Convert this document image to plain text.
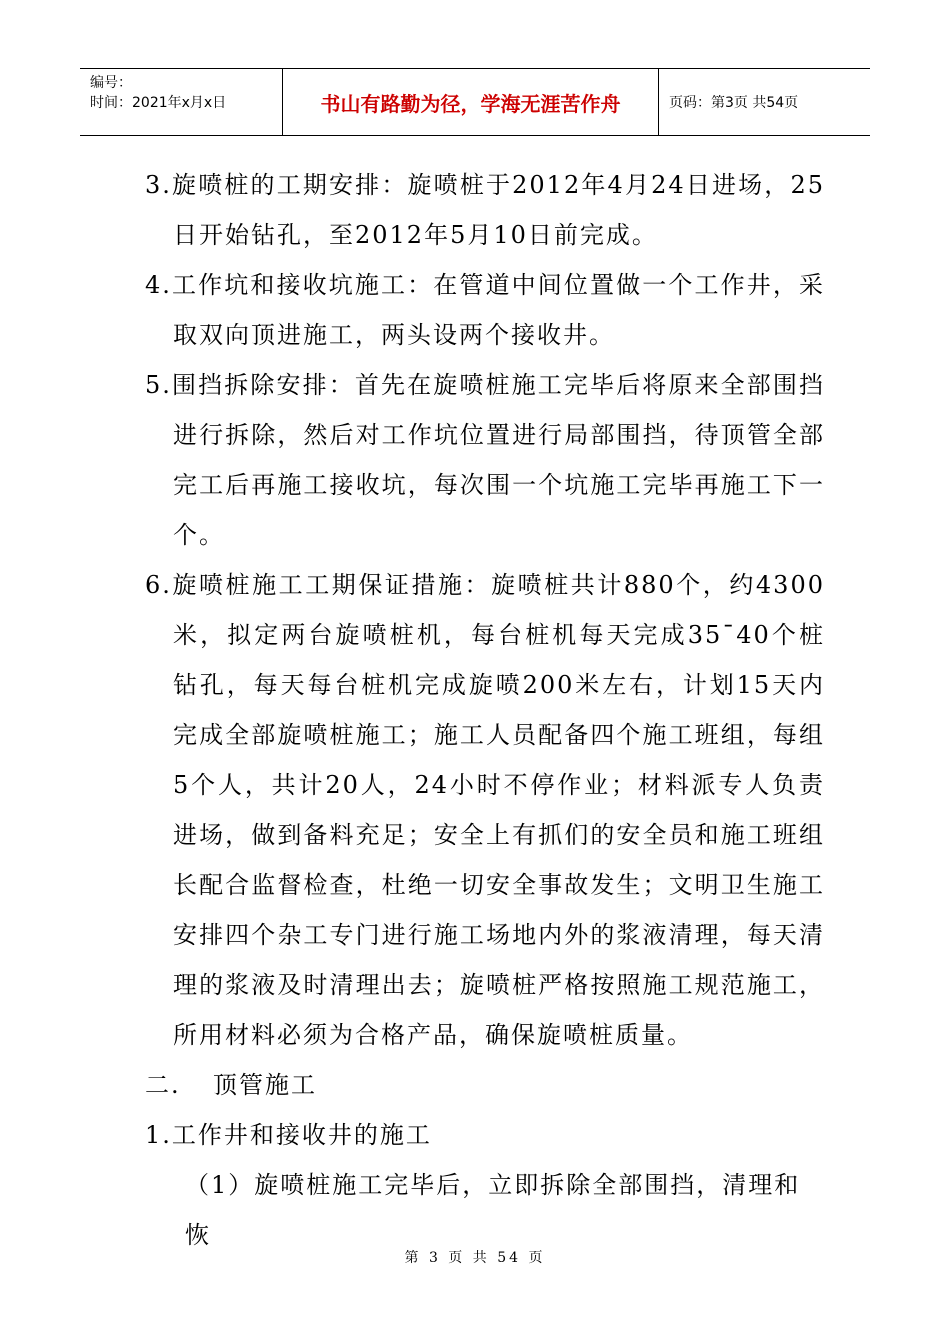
编号：
时间：2021年x月x日	书山有路勤为径，学海无涯苦作舟	页码：第3页 共54页

3.旋喷桩的工期安排：旋喷桩于2012年4月24日进场，25日开始钻孔，至2012年5月10日前完成。

4.工作坑和接收坑施工：在管道中间位置做一个工作井，采取双向顶进施工，两头设两个接收井。

5.围挡拆除安排：首先在旋喷桩施工完毕后将原来全部围挡进行拆除，然后对工作坑位置进行局部围挡，待顶管全部完工后再施工接收坑，每次围一个坑施工完毕再施工下一个。

6.旋喷桩施工工期保证措施：旋喷桩共计880个，约4300米，拟定两台旋喷桩机，每台桩机每天完成35¯40个桩钻孔，每天每台桩机完成旋喷200米左右，计划15天内完成全部旋喷桩施工；施工人员配备四个施工班组，每组5个人，共计20人，24小时不停作业；材料派专人负责进场，做到备料充足；安全上有抓们的安全员和施工班组长配合监督检查，杜绝一切安全事故发生；文明卫生施工安排四个杂工专门进行施工场地内外的浆液清理，每天清理的浆液及时清理出去；旋喷桩严格按照施工规范施工，所用材料必须为合格产品，确保旋喷桩质量。

二. 顶管施工

1.工作井和接收井的施工

（1）旋喷桩施工完毕后，立即拆除全部围挡，清理和恢

第 3 页 共 54 页
